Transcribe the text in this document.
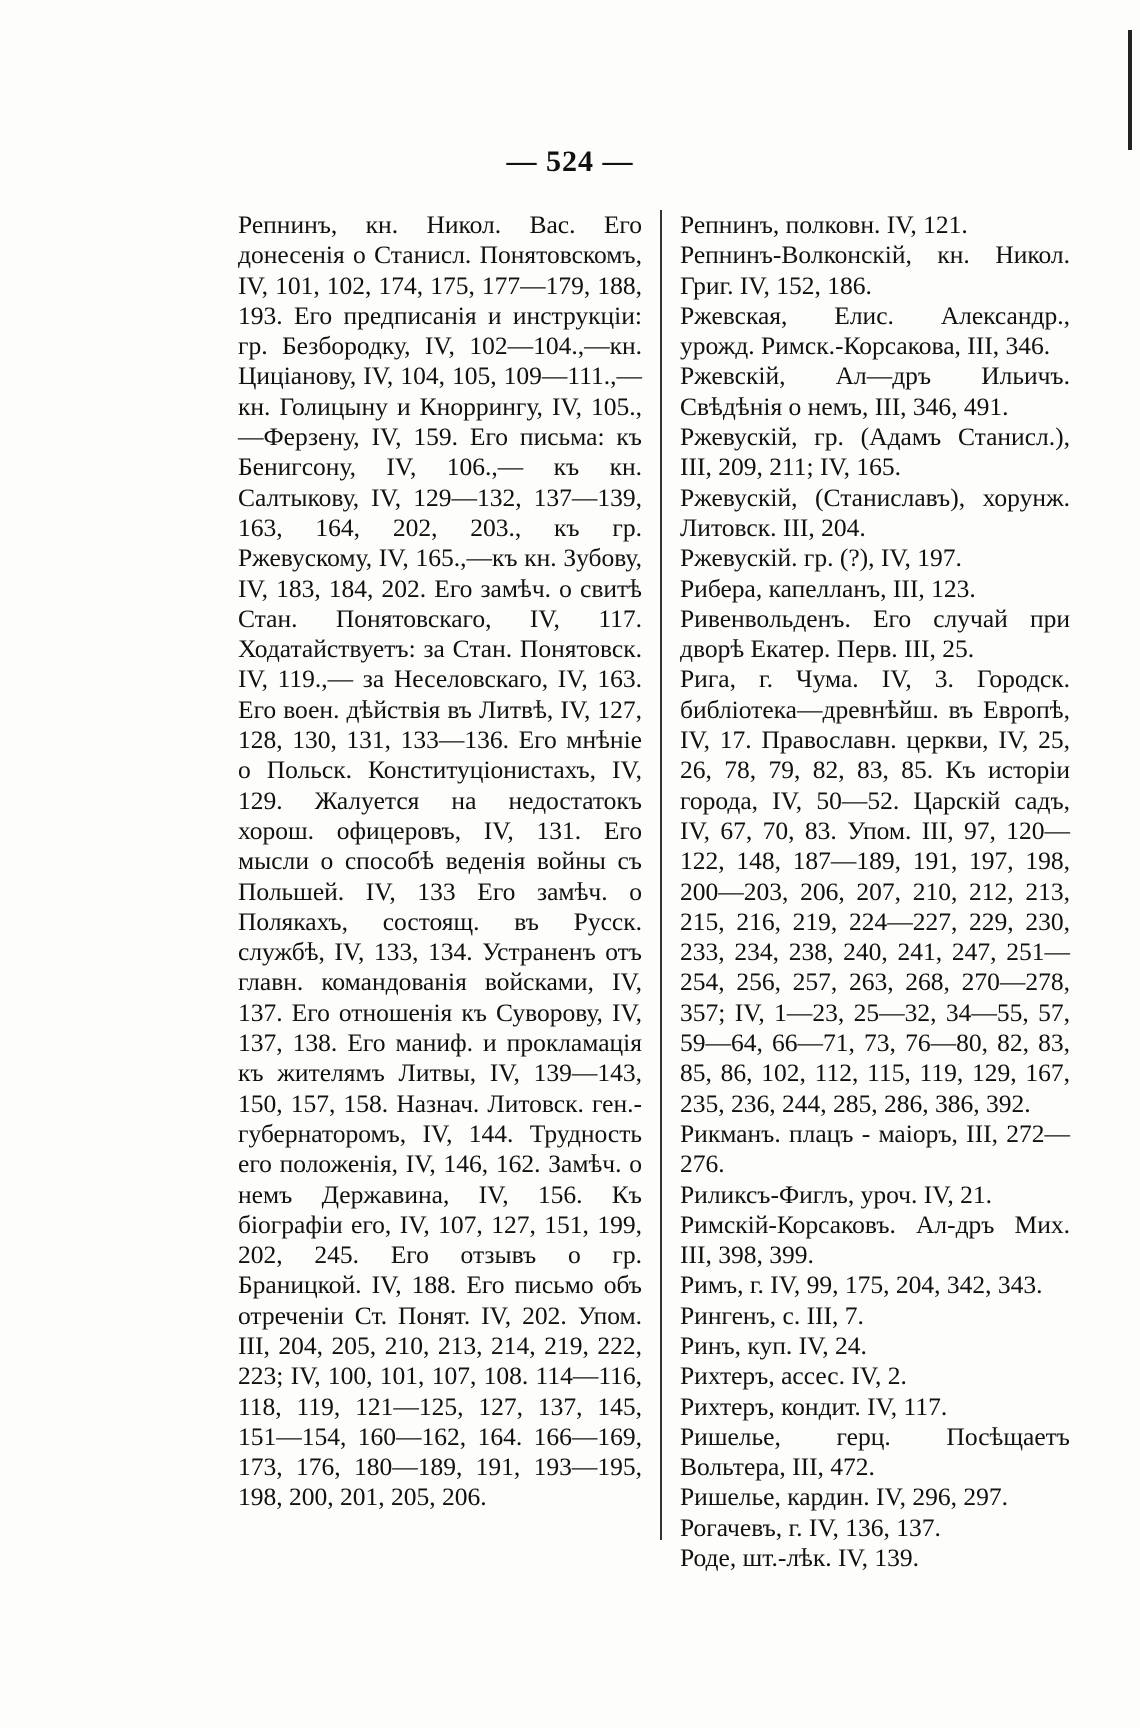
— 524 —

Репнинъ, кн. Никол. Вас. Его донесенія о Станисл. Понятовскомъ, IV, 101, 102, 174, 175, 177—179, 188, 193. Его предписанія и инструкціи: гр. Безбородку, IV, 102—104.,—кн. Циціанову, IV, 104, 105, 109—111.,— кн. Голицыну и Кноррингу, IV, 105., —Ферзену, IV, 159. Его письма: къ Бенигсону, IV, 106.,— къ кн. Салтыкову, IV, 129—132, 137—139, 163, 164, 202, 203., къ гр. Ржевускому, IV, 165.,—къ кн. Зубову, IV, 183, 184, 202. Его замѣч. о свитѣ Стан. Понятовскаго, IV, 117. Ходатайствуетъ: за Стан. Понятовск. IV, 119.,— за Неселовскаго, IV, 163. Его воен. дѣйствія въ Литвѣ, IV, 127, 128, 130, 131, 133—136. Его мнѣніе о Польск. Конституціонистахъ, IV, 129. Жалуется на недостатокъ хорош. офицеровъ, IV, 131. Его мысли о способѣ веденія войны съ Польшей. IV, 133 Его замѣч. о Полякахъ, состоящ. въ Русск. службѣ, IV, 133, 134. Устраненъ отъ главн. командованія войсками, IV, 137. Его отношенія къ Суворову, IV, 137, 138. Его маниф. и прокламація къ жителямъ Литвы, IV, 139—143, 150, 157, 158. Назнач. Литовск. ген.-губернаторомъ, IV, 144. Трудность его положенія, IV, 146, 162. Замѣч. о немъ Державина, IV, 156. Къ біографіи его, IV, 107, 127, 151, 199, 202, 245. Его отзывъ о гр. Браницкой. IV, 188. Его письмо объ отреченіи Ст. Понят. IV, 202. Упом. III, 204, 205, 210, 213, 214, 219, 222, 223; IV, 100, 101, 107, 108. 114—116, 118, 119, 121—125, 127, 137, 145, 151—154, 160—162, 164. 166—169, 173, 176, 180—189, 191, 193—195, 198, 200, 201, 205, 206.

Репнинъ, полковн. IV, 121.

Репнинъ-Волконскій, кн. Никол. Григ. IV, 152, 186.

Ржевская, Елис. Александр., урожд. Римск.-Корсакова, III, 346.

Ржевскій, Ал—дръ Ильичъ. Свѣдѣнія о немъ, III, 346, 491.

Ржевускій, гр. (Адамъ Станисл.), III, 209, 211; IV, 165.

Ржевускій, (Станиславъ), хорунж. Литовск. III, 204.

Ржевускій. гр. (?), IV, 197.

Рибера, капелланъ, III, 123.

Ривенвольденъ. Его случай при дворѣ Екатер. Перв. III, 25.

Рига, г. Чума. IV, 3. Городск. библіотека—древнѣйш. въ Европѣ, IV, 17. Православн. церкви, IV, 25, 26, 78, 79, 82, 83, 85. Къ исторіи города, IV, 50—52. Царскій садъ, IV, 67, 70, 83. Упом. III, 97, 120—122, 148, 187—189, 191, 197, 198, 200—203, 206, 207, 210, 212, 213, 215, 216, 219, 224—227, 229, 230, 233, 234, 238, 240, 241, 247, 251—254, 256, 257, 263, 268, 270—278, 357; IV, 1—23, 25—32, 34—55, 57, 59—64, 66—71, 73, 76—80, 82, 83, 85, 86, 102, 112, 115, 119, 129, 167, 235, 236, 244, 285, 286, 386, 392.

Рикманъ. плацъ - маіоръ, III, 272—276.

Риликсъ-Фиглъ, уроч. IV, 21.

Римскій-Корсаковъ. Ал-дръ Мих. III, 398, 399.

Римъ, г. IV, 99, 175, 204, 342, 343.

Рингенъ, с. III, 7.

Ринъ, куп. IV, 24.

Рихтеръ, ассес. IV, 2.

Рихтеръ, кондит. IV, 117.

Ришелье, герц. Посѣщаетъ Вольтера, III, 472.

Ришелье, кардин. IV, 296, 297.

Рогачевъ, г. IV, 136, 137.

Роде, шт.-лѣк. IV, 139.
